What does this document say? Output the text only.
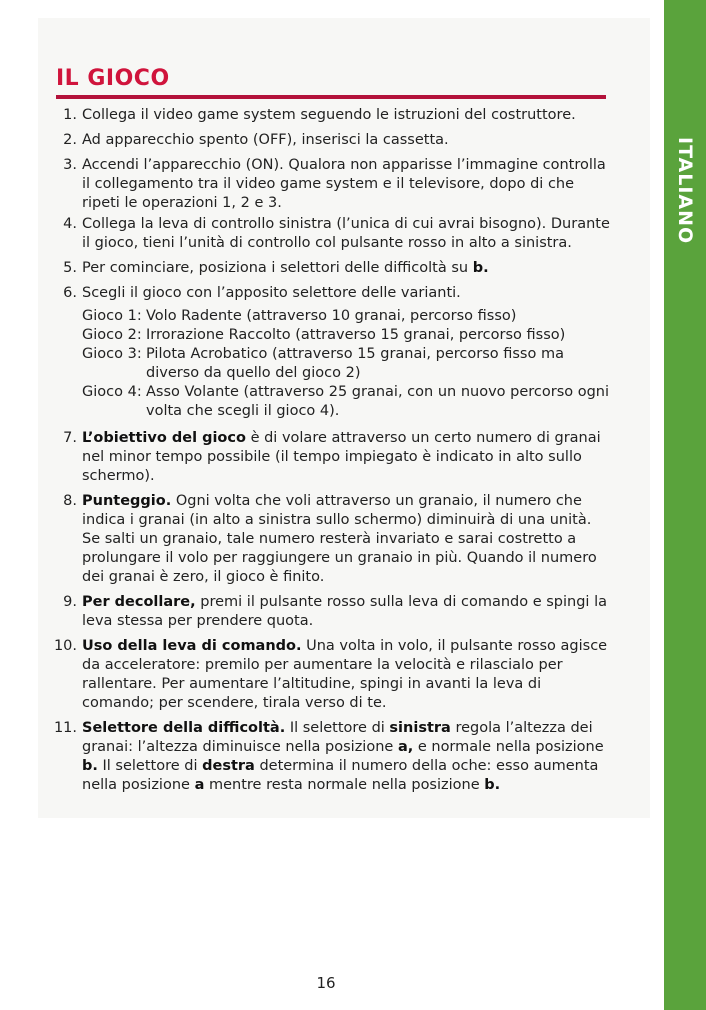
IL GIOCO
1. Collega il video game system seguendo le istruzioni del costruttore.
2. Ad apparecchio spento (OFF), inserisci la cassetta.
3. Accendi l’apparecchio (ON). Qualora non apparisse l’immagine controlla il collegamento tra il video game system e il televisore, dopo di che ripeti le operazioni 1, 2 e 3.
4. Collega la leva di controllo sinistra (l’unica di cui avrai bisogno). Durante il gioco, tieni l’unità di controllo col pulsante rosso in alto a sinistra.
5. Per cominciare, posiziona i selettori delle difficoltà su b.
6. Scegli il gioco con l’apposito selettore delle varianti.
Gioco 1: Volo Radente (attraverso 10 granai, percorso fisso)
Gioco 2: Irrorazione Raccolto (attraverso 15 granai, percorso fisso)
Gioco 3: Pilota Acrobatico (attraverso 15 granai, percorso fisso ma diverso da quello del gioco 2)
Gioco 4: Asso Volante (attraverso 25 granai, con un nuovo percorso ogni volta che scegli il gioco 4).
7. L’obiettivo del gioco è di volare attraverso un certo numero di granai nel minor tempo possibile (il tempo impiegato è indicato in alto sullo schermo).
8. Punteggio. Ogni volta che voli attraverso un granaio, il numero che indica i granai (in alto a sinistra sullo schermo) diminuirà di una unità. Se salti un granaio, tale numero resterà invariato e sarai costretto a prolungare il volo per raggiungere un granaio in più. Quando il numero dei granai è zero, il gioco è finito.
9. Per decollare, premi il pulsante rosso sulla leva di comando e spingi la leva stessa per prendere quota.
10. Uso della leva di comando. Una volta in volo, il pulsante rosso agisce da acceleratore: premilo per aumentare la velocità e rilascialo per rallentare. Per aumentare l’altitudine, spingi in avanti la leva di comando; per scendere, tirala verso di te.
11. Selettore della difficoltà. Il selettore di sinistra regola l’altezza dei granai: l’altezza diminuisce nella posizione a, e normale nella posizione b. Il selettore di destra determina il numero della oche: esso aumenta nella posizione a mentre resta normale nella posizione b.
16
